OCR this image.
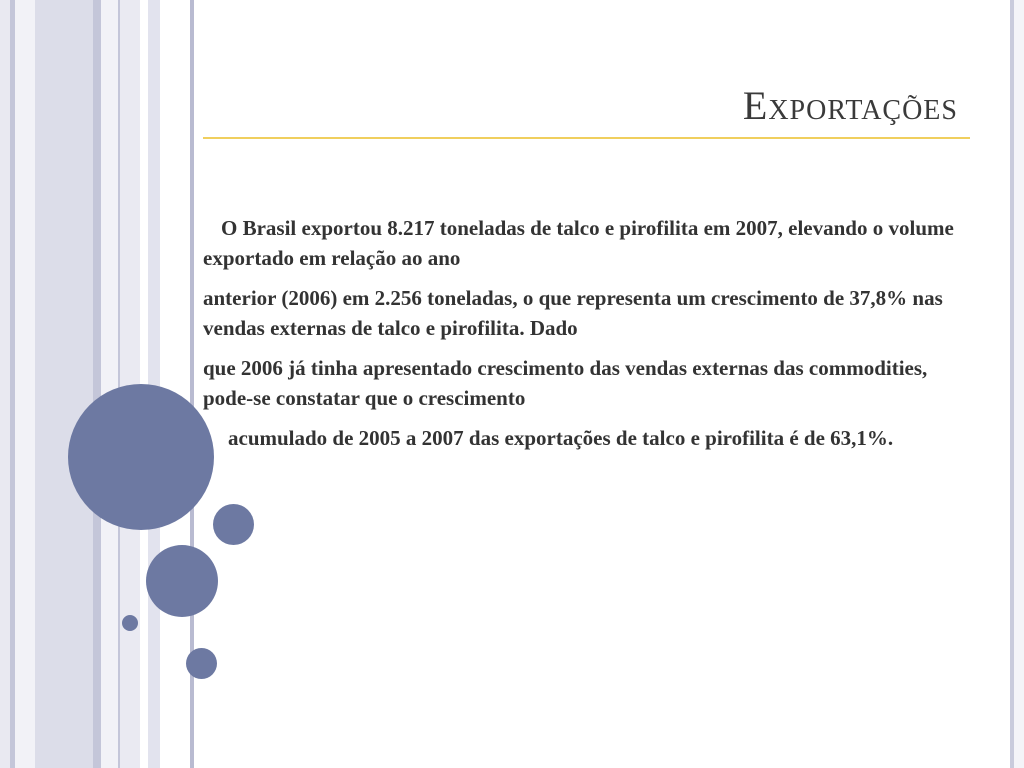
Exportações

O Brasil exportou 8.217 toneladas de talco e pirofilita em 2007, elevando o volume exportado em relação ao ano

anterior (2006) em 2.256 toneladas, o que representa um crescimento de 37,8% nas vendas externas de talco e pirofilita. Dado

que 2006 já tinha apresentado crescimento das vendas externas das commodities, pode-se constatar que o crescimento

acumulado de 2005 a 2007 das exportações de talco e pirofilita é de 63,1%.
